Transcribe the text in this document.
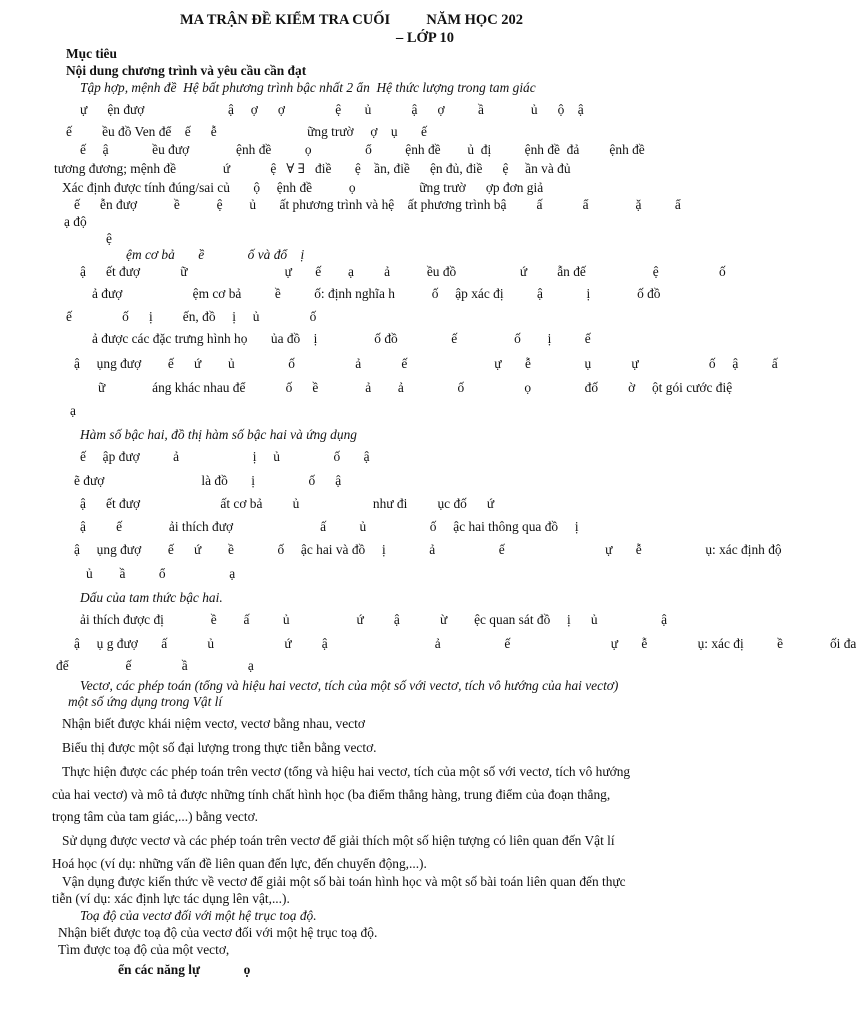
MA TRẬN ĐỀ KIỂM TRA CUỐI          NĂM HỌC 202
– LỚP 10
Mục tiêu
Nội dung chương trình và yêu cầu cần đạt
Tập hợp, mệnh đề  Hệ bất phương trình bậc nhất 2 ẩn  Hệ thức lượng trong tam giác
ự      ện đượ                         ậ     ợ      ợ               ệ       ủ            ậ      ợ          ầ              ủ      ộ    ậ
ế         ều đồ Ven để    ế      ễ                           ững trườ     ợ    ụ       ế
ế     ậ             ều đượ              ệnh đề          ọ                ổ          ệnh đề        ủ  đị          ệnh đề  đả         ệnh đề
tương đương; mệnh đề              ứ            ệ   ∀ ∃   điề       ệ    ần, điề      ện đủ, điề      ệ     ần và đủ
Xác định được tính đúng/sai củ       ộ     ệnh đề           ọ                   ững trườ      ợp đơn giả
ế      ễn đượ           ề           ệ        ủ       ất phương trình và hệ    ất phương trình bậ         ấ            ẩ              ặ          ẩ
ạ độ
ệ
ệm cơ bả       ề             ố và đổ    ị
ậ      ết đượ            ữ                             ự       ế        ạ         ả           ều đồ                   ứ         ẫn đế                    ệ                  ố
ả đượ                     ệm cơ bả          ề          ố: định nghĩa h           ố     ập xác đị          ậ             ị              ố đồ
ế               ố      ị         ến, đồ     ị     ủ               ố
ả được các đặc trưng hình họ       ủa đồ    ị                 ố đồ                ế                 ố        ị          ế
ậ     ụng đượ        ế      ứ        ủ                ố                  ả            ế                          ự       ễ                ụ            ự                     ố     ậ          ấ
ữ              áng khác nhau để            ố      ề              ả        ả                ố                  ọ                đố         ờ     ột gói cước điệ
ạ
Hàm số bậc hai, đồ thị hàm số bậc hai và ứng dụng
ế     ập đượ          ả                      ị     ủ                ố       ậ
ẽ đượ                             là đồ       ị                ố      ậ
ậ      ết đượ                        ất cơ bả         ủ                      như đi         ục đố      ứ
ậ         ế              ải thích đượ                          ấ          ủ                   ố     ậc hai thông qua đồ     ị
ậ     ụng đượ        ế      ứ        ề             ố     ậc hai và đồ     ị             ả                   ế                              ự       ễ                   ụ: xác định độ
ủ        ầ          ổ                   ạ
Dấu của tam thức bậc hai.
ải thích được đị              ề        ấ          ủ                    ứ         ậ            ừ        ệc quan sát đồ     ị      ủ                   ậ
ậ     ụ g đượ       ấ            ủ                     ứ         ậ                                ả                   ế                              ự       ễ               ụ: xác đị          ề              ối đa
để                 ế               ầ                  ạ
Vectơ, các phép toán (tổng và hiệu hai vectơ, tích của một số với vectơ, tích vô hướng của hai vectơ)
một số ứng dụng trong Vật lí
Nhận biết được khái niệm vectơ, vectơ bằng nhau, vectơ
Biểu thị được một số đại lượng trong thực tiễn bằng vectơ.
Thực hiện được các phép toán trên vectơ (tổng và hiệu hai vectơ, tích của một số với vectơ, tích vô hướng
của hai vectơ) và mô tả được những tính chất hình học (ba điểm thẳng hàng, trung điểm của đoạn thẳng,
trọng tâm của tam giác,...) bằng vectơ.
Sử dụng được vectơ và các phép toán trên vectơ để giải thích một số hiện tượng có liên quan đến Vật lí
Hoá học (ví dụ: những vấn đề liên quan đến lực, đến chuyển động,...).
Vận dụng được kiến thức về vectơ để giải một số bài toán hình học và một số bài toán liên quan đến thực
tiễn (ví dụ: xác định lực tác dụng lên vật,...).
Toạ độ của vectơ đối với một hệ trục toạ độ.
Nhận biết được toạ độ của vectơ đối với một hệ trục toạ độ.
Tìm được toạ độ của một vectơ,
ển các năng lự             ọ
